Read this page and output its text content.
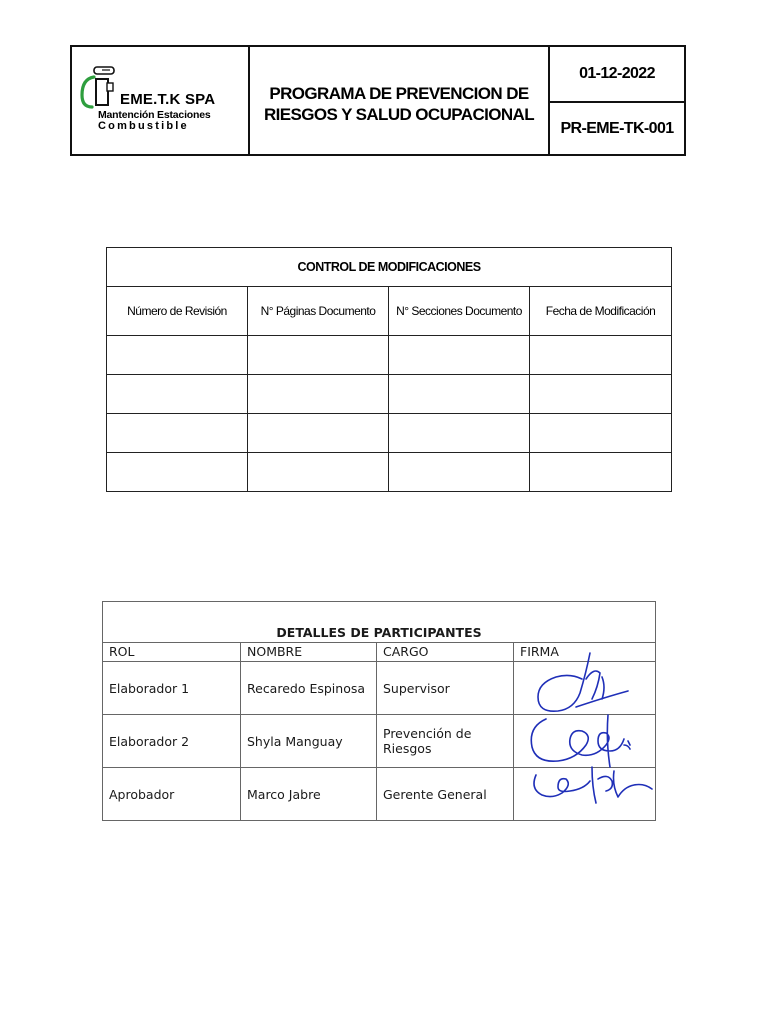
EME.T.K SPA
Mantención Estaciones
Combustible
PROGRAMA DE PREVENCION DE RIESGOS Y SALUD OCUPACIONAL
01-12-2022
PR-EME-TK-001
CONTROL DE MODIFICACIONES			
Número de Revisión	N° Páginas Documento	N° Secciones Documento	Fecha de Modificación

DETALLES DE PARTICIPANTES			
ROL	NOMBRE	CARGO	FIRMA
Elaborador 1	Recaredo Espinosa	Supervisor	
Elaborador 2	Shyla Manguay	Prevención de Riesgos	
Aprobador	Marco Jabre	Gerente General	
